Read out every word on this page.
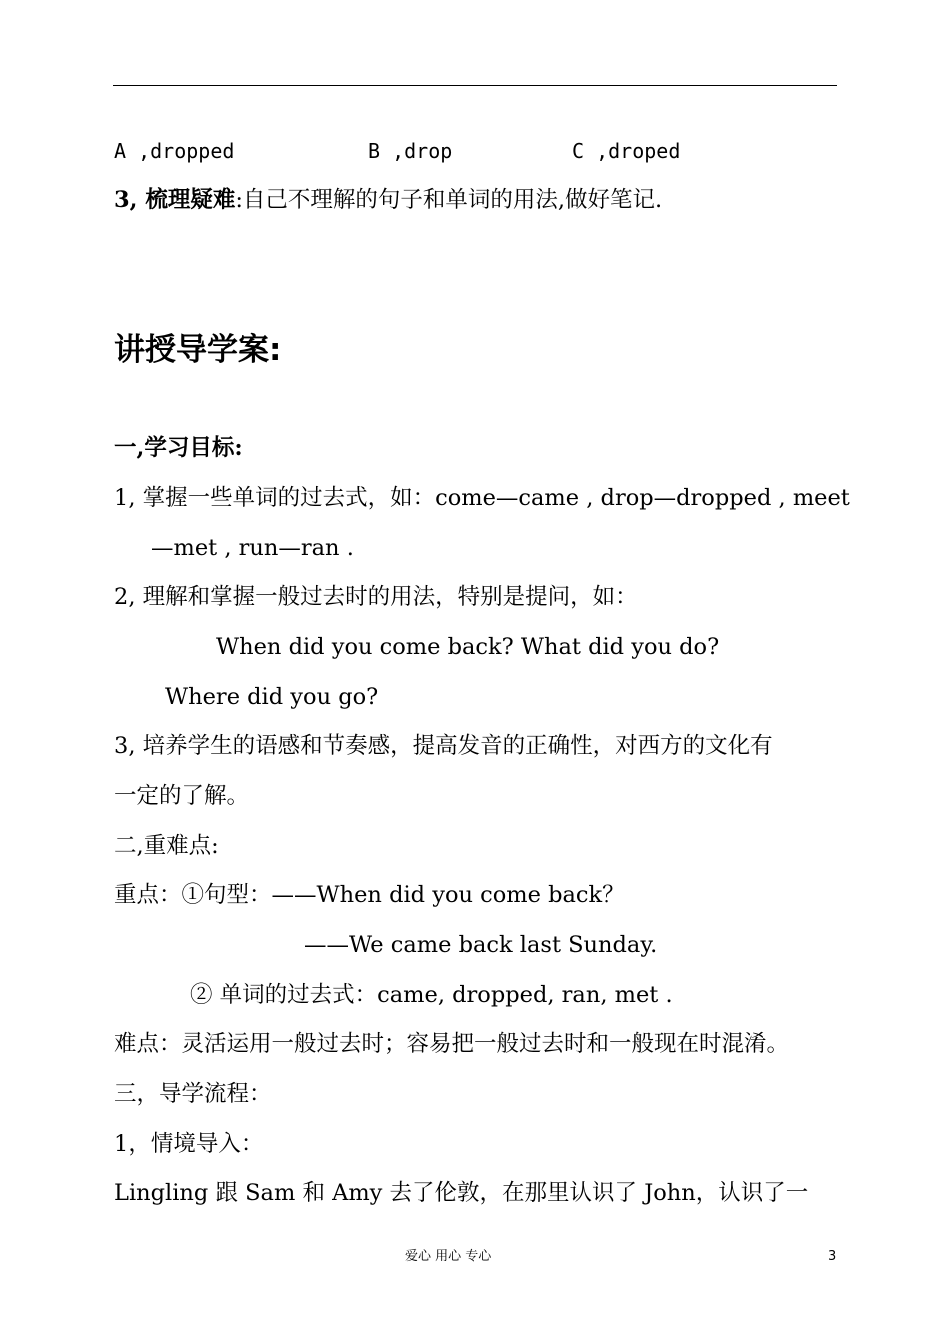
A ,dropped	B ,drop	C ,droped
3, 梳理疑难:自己不理解的句子和单词的用法,做好笔记.
讲授导学案:
一,学习目标:
1, 掌握一些单词的过去式，如：come—came , drop—dropped , meet
—met , run—ran .
2, 理解和掌握一般过去时的用法，特别是提问，如：
When did you come back? What did you do?
Where did you go?
3, 培养学生的语感和节奏感，提高发音的正确性，对西方的文化有
一定的了解。
二,重难点:
重点：①句型：——When did you come back？
——We came back last Sunday.
② 单词的过去式：came, dropped, ran, met .
难点：灵活运用一般过去时；容易把一般过去时和一般现在时混淆。
三，导学流程：
1，情境导入：
Lingling 跟 Sam 和 Amy 去了伦敦，在那里认识了 John，认识了一
爱心 用心 专心	3
